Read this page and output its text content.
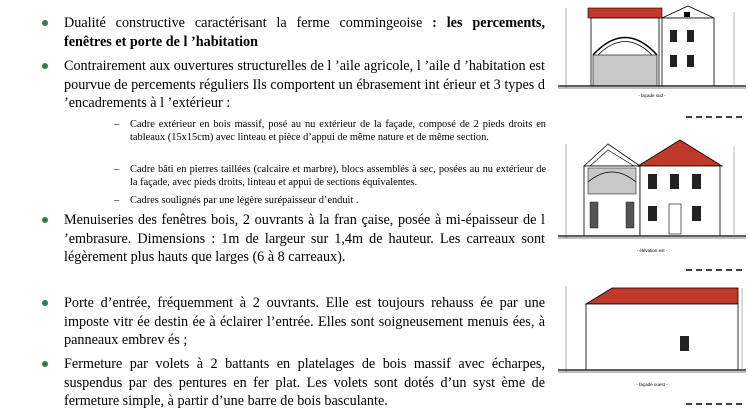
Dualité constructive caractérisant la ferme commingeoise : les percements, fenêtres et porte de l ’habitation
Contrairement aux ouvertures structurelles de l ’aile agricole, l ’aile d ’habitation est pourvue de percements réguliers Ils comportent un ébrasement int érieur et 3 types d ’encadrements à l ’extérieur :
– Cadre extérieur en bois massif, posé au nu extérieur de la façade, composé de 2 pieds droits en tableaux (15x15cm) avec linteau et pièce d’appui de même nature et de même section.
– Cadre bâti en pierres taillées (calcaire et marbre), blocs assemblés à sec, posées au nu extérieur de la façade, avec pieds droits, linteau et appui de sections équivalentes.
– Cadres soulignés par une légère surépaisseur d’enduit .
Menuiseries des fenêtres bois, 2 ouvrants à la fran çaise, posée à mi-épaisseur de l ’embrasure. Dimensions : 1m de largeur sur 1,4m de hauteur. Les carreaux sont légèrement plus hauts que larges (6 à 8 carreaux).
Porte d’entrée, fréquemment à 2 ouvrants. Elle est toujours rehauss ée par une imposte vitr ée destin ée à éclairer l’entrée. Elles sont soigneusement menuis ées, à panneaux embrev és ;
Fermeture par volets à 2 battants en platelages de bois massif avec écharpes, suspendus par des pentures en fer plat. Les volets sont dotés d’un syst ème de fermeture simple, à partir d’une barre de bois basculante.
- façade sud -
- élévation est -
- façade ouest -
